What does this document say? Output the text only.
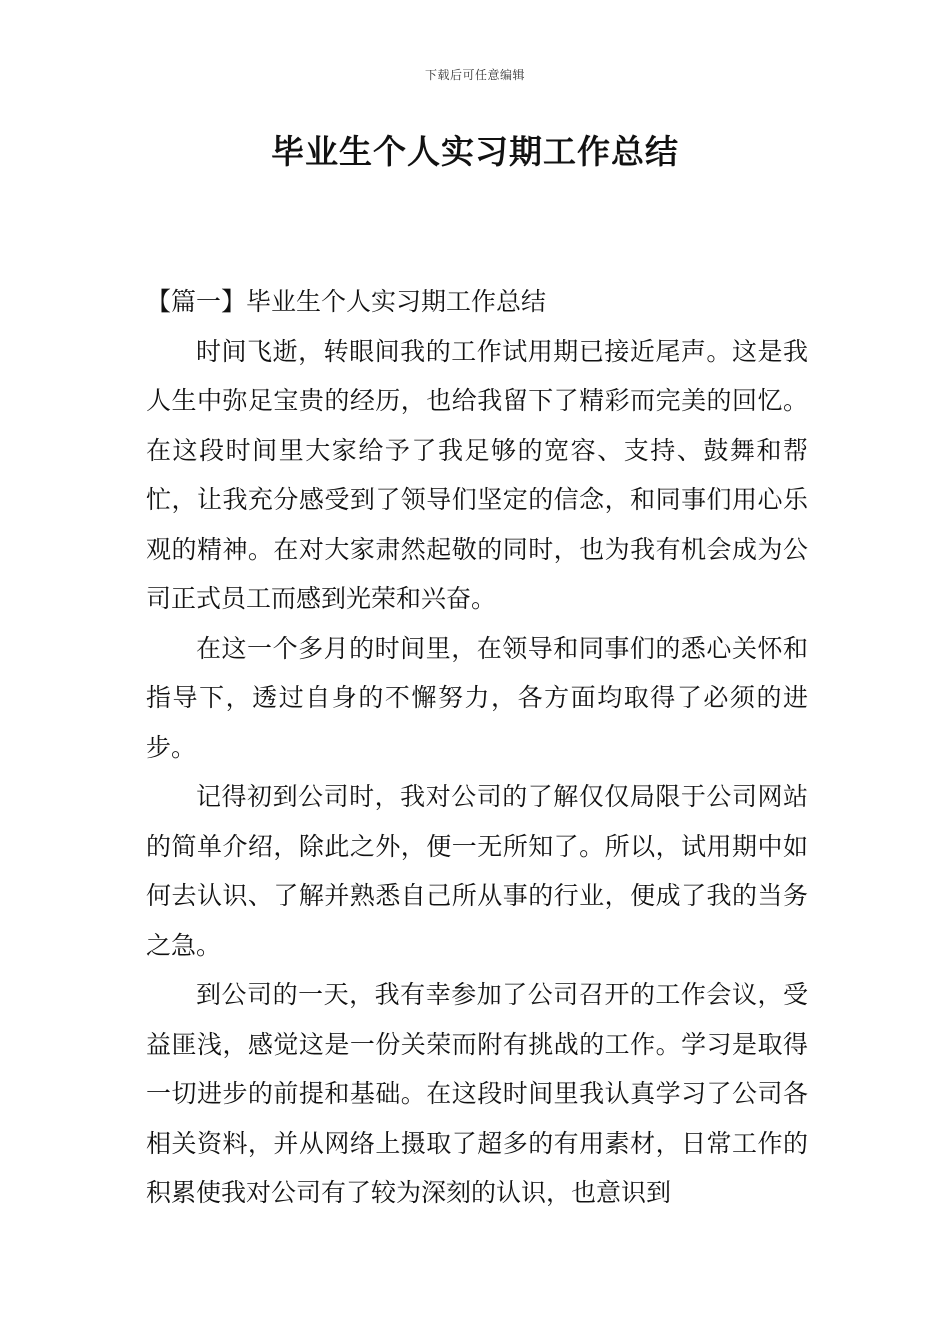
下载后可任意编辑
毕业生个人实习期工作总结

【篇一】毕业生个人实习期工作总结

时间飞逝，转眼间我的工作试用期已接近尾声。这是我人生中弥足宝贵的经历，也给我留下了精彩而完美的回忆。在这段时间里大家给予了我足够的宽容、支持、鼓舞和帮忙，让我充分感受到了领导们坚定的信念，和同事们用心乐观的精神。在对大家肃然起敬的同时，也为我有机会成为公司正式员工而感到光荣和兴奋。

在这一个多月的时间里，在领导和同事们的悉心关怀和指导下，透过自身的不懈努力，各方面均取得了必须的进步。

记得初到公司时，我对公司的了解仅仅局限于公司网站的简单介绍，除此之外，便一无所知了。所以，试用期中如何去认识、了解并熟悉自己所从事的行业，便成了我的当务之急。

到公司的一天，我有幸参加了公司召开的工作会议，受益匪浅，感觉这是一份关荣而附有挑战的工作。学习是取得一切进步的前提和基础。在这段时间里我认真学习了公司各相关资料，并从网络上摄取了超多的有用素材，日常工作的积累使我对公司有了较为深刻的认识，也意识到
